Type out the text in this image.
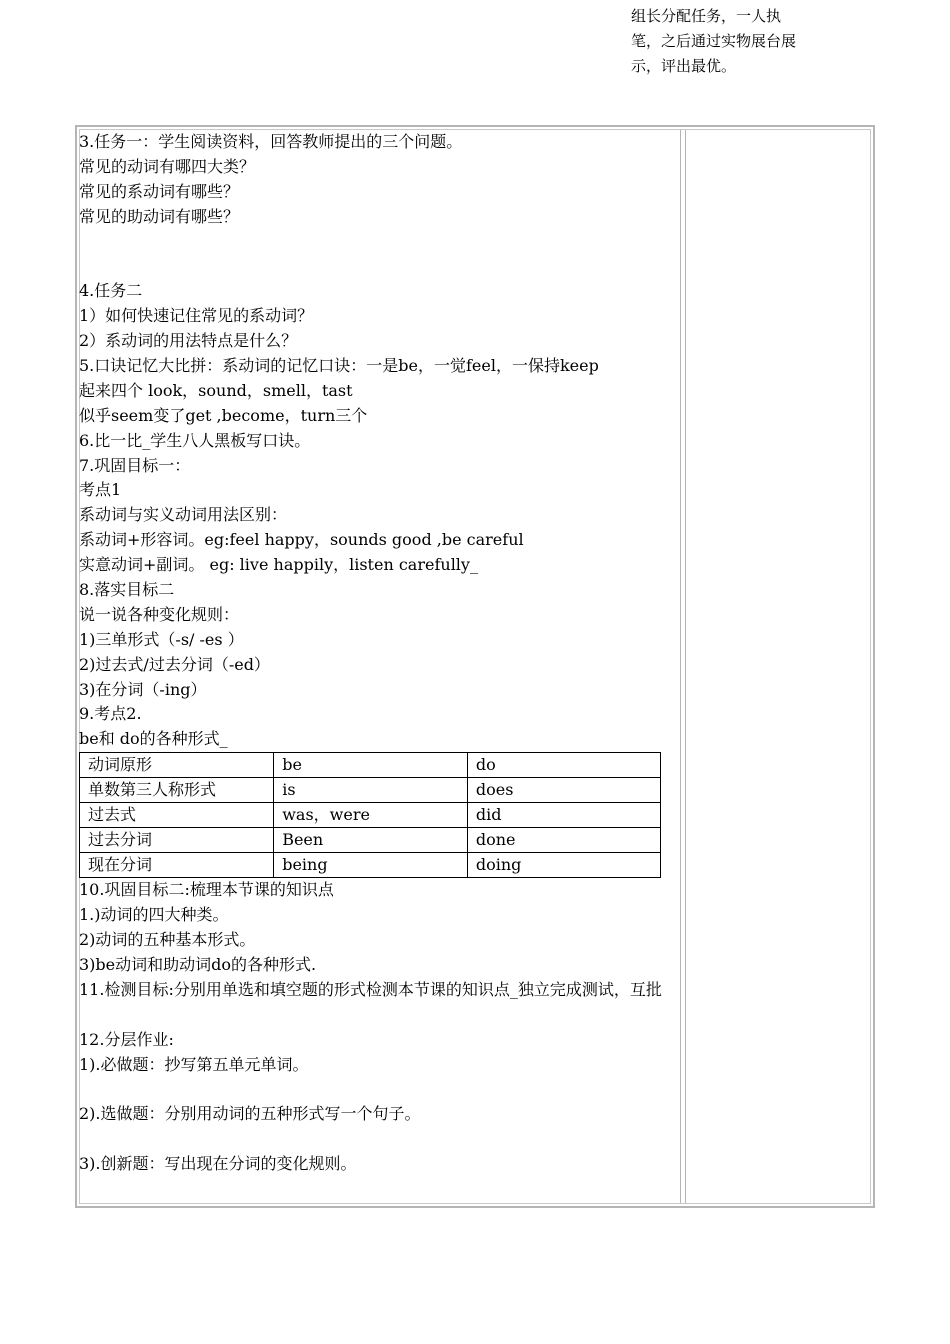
组长分配任务，一人执笔，之后通过实物展台展示，评出最优。
3.任务一：学生阅读资料，回答教师提出的三个问题。
常见的动词有哪四大类？
常见的系动词有哪些？
常见的助动词有哪些？
4.任务二
1）如何快速记住常见的系动词？
2）系动词的用法特点是什么？
5.口诀记忆大比拼：系动词的记忆口诀：一是be，一觉feel，一保持keep
起来四个 look，sound，smell，tast
似乎seem变了get ,become，turn三个
6.比一比_学生八人黑板写口诀。
7.巩固目标一：
考点1
系动词与实义动词用法区别：
系动词+形容词。eg:feel happy，sounds good ,be careful
实意动词+副词。 eg: live happily，listen carefully_
8.落实目标二
说一说各种变化规则：
1)三单形式（-s/ -es ）
2)过去式/过去分词（-ed）
3)在分词（-ing）
9.考点2.
be和 do的各种形式_
动词原形	be	do
单数第三人称形式	is	does
过去式	was，were	did
过去分词	Been	done
现在分词	being	doing
10.巩固目标二:梳理本节课的知识点
1.)动词的四大种类。
2)动词的五种基本形式。
3)be动词和助动词do的各种形式.
11.检测目标:分别用单选和填空题的形式检测本节课的知识点_独立完成测试，互批
12.分层作业:
1).必做题：抄写第五单元单词。
2).选做题：分别用动词的五种形式写一个句子。
3).创新题：写出现在分词的变化规则。
